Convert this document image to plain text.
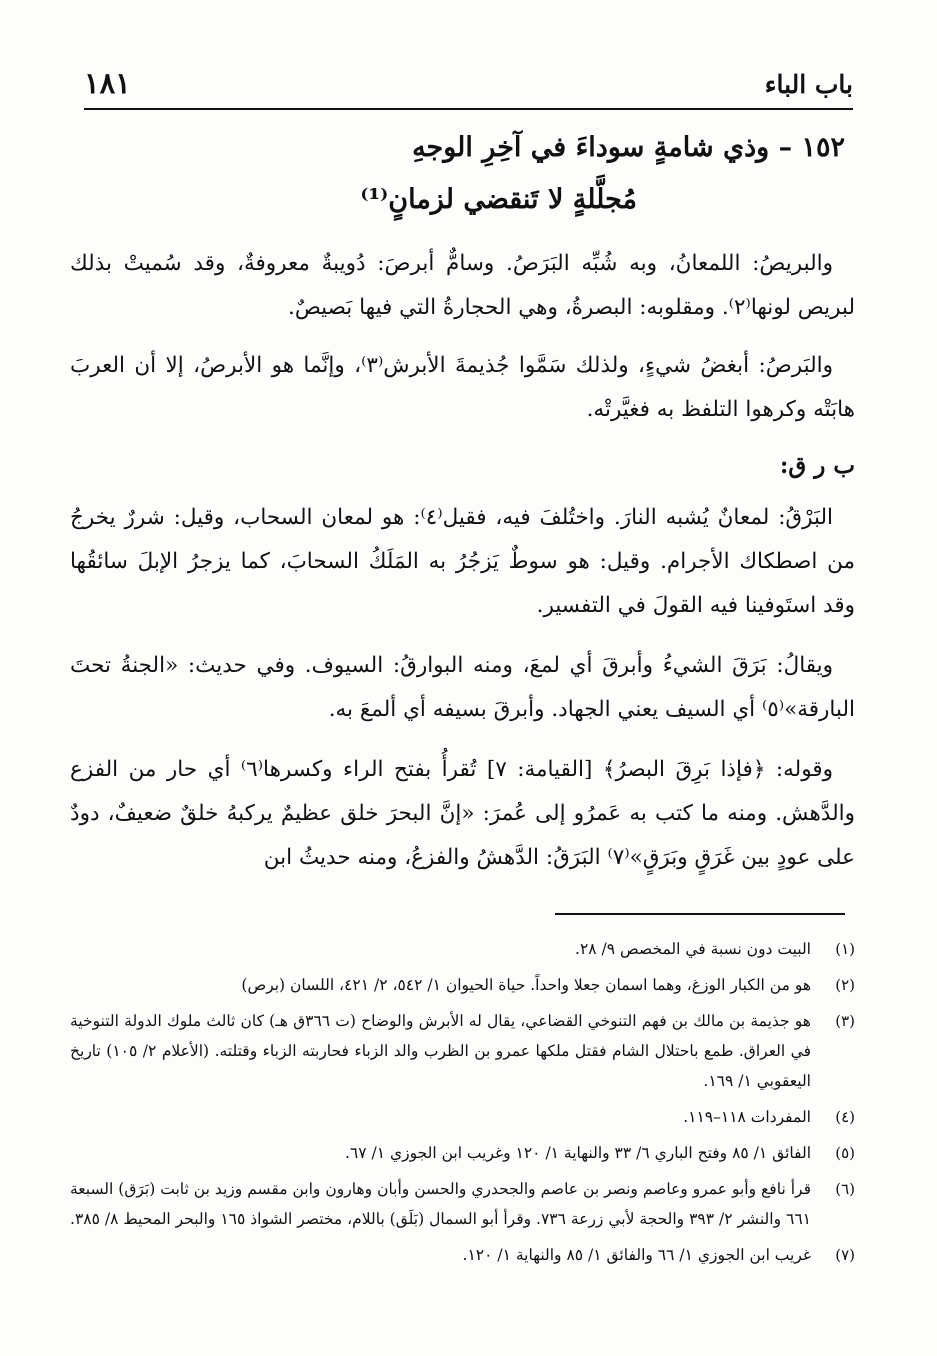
باب الباء
١٨١
١٥٢ – وذي شامةٍ سوداءَ في آخِرِ الوجهِ
مُجلَّلةٍ لا تَنقضي لزمانٍ⁽¹⁾
والبريصُ: اللمعانُ، وبه شُبِّه البَرَصُ. وسامٌّ أبرصَ: دُويبةٌ معروفةٌ، وقد سُميتْ بذلك لبريص لونها⁽٢⁾. ومقلوبه: البصرةُ، وهي الحجارةُ التي فيها بَصيصٌ.
والبَرصُ: أبغضُ شيءٍ، ولذلك سَمَّوا جُذيمةَ الأبرش⁽٣⁾، وإنَّما هو الأبرصُ، إلا أن العربَ هابَتْه وكرهوا التلفظ به فغيَّرتْه.
ب ر ق:
البَرْقُ: لمعانٌ يُشبه النارَ. واختُلفَ فيه، فقيل⁽٤⁾: هو لمعان السحاب، وقيل: شررٌ يخرجُ من اصطكاك الأجرام. وقيل: هو سوطٌ يَزجُرُ به المَلَكُ السحابَ، كما يزجرُ الإبلَ سائقُها وقد استَوفينا فيه القولَ في التفسير.
ويقالُ: بَرَقَ الشيءُ وأبرقَ أي لمعَ، ومنه البوارقُ: السيوف. وفي حديث: «الجنةُ تحتَ البارقة»⁽٥⁾ أي السيف يعني الجهاد. وأبرقَ بسيفه أي ألمعَ به.
وقوله: ﴿فإذا بَرِقَ البصرُ﴾ [القيامة: ٧] تُقرأُ بفتح الراء وكسرها⁽٦⁾ أي حار من الفزع والدَّهش. ومنه ما كتب به عَمرُو إلى عُمرَ: «إنَّ البحرَ خلق عظيمٌ يركبهُ خلقٌ ضعيفٌ، دودٌ على عودٍ بين غَرَقٍ وبَرَقٍ»⁽٧⁾ البَرَقُ: الدَّهشُ والفزعُ، ومنه حديثُ ابن
(١)
البيت دون نسبة في المخصص ٩/ ٢٨.
(٢)
هو من الكبار الوزغ، وهما اسمان جعلا واحداً. حياة الحيوان ١/ ٥٤٢، ٢/ ٤٢١، اللسان (برص)
(٣)
هو جذيمة بن مالك بن فهم التنوخي القضاعي، يقال له الأبرش والوضاح (ت ٣٦٦ق هـ) كان ثالث ملوك الدولة التنوخية في العراق. طمع باحتلال الشام فقتل ملكها عمرو بن الظرب والد الزباء فحاربته الزباء وقتلته. (الأعلام ٢/ ١٠٥) تاريخ اليعقوبي ١/ ١٦٩.
(٤)
المفردات ١١٨–١١٩.
(٥)
الفائق ١/ ٨٥ وفتح الباري ٦/ ٣٣ والنهاية ١/ ١٢٠ وغريب ابن الجوزي ١/ ٦٧.
(٦)
قرأ نافع وأبو عمرو وعاصم ونصر بن عاصم والجحدري والحسن وأبان وهارون وابن مقسم وزيد بن ثابت (بَرَق) السبعة ٦٦١ والنشر ٢/ ٣٩٣ والحجة لأبي زرعة ٧٣٦. وقرأ أبو السمال (بَلَق) باللام، مختصر الشواذ ١٦٥ والبحر المحيط ٨/ ٣٨٥.
(٧)
غريب ابن الجوزي ١/ ٦٦ والفائق ١/ ٨٥ والنهاية ١/ ١٢٠.
